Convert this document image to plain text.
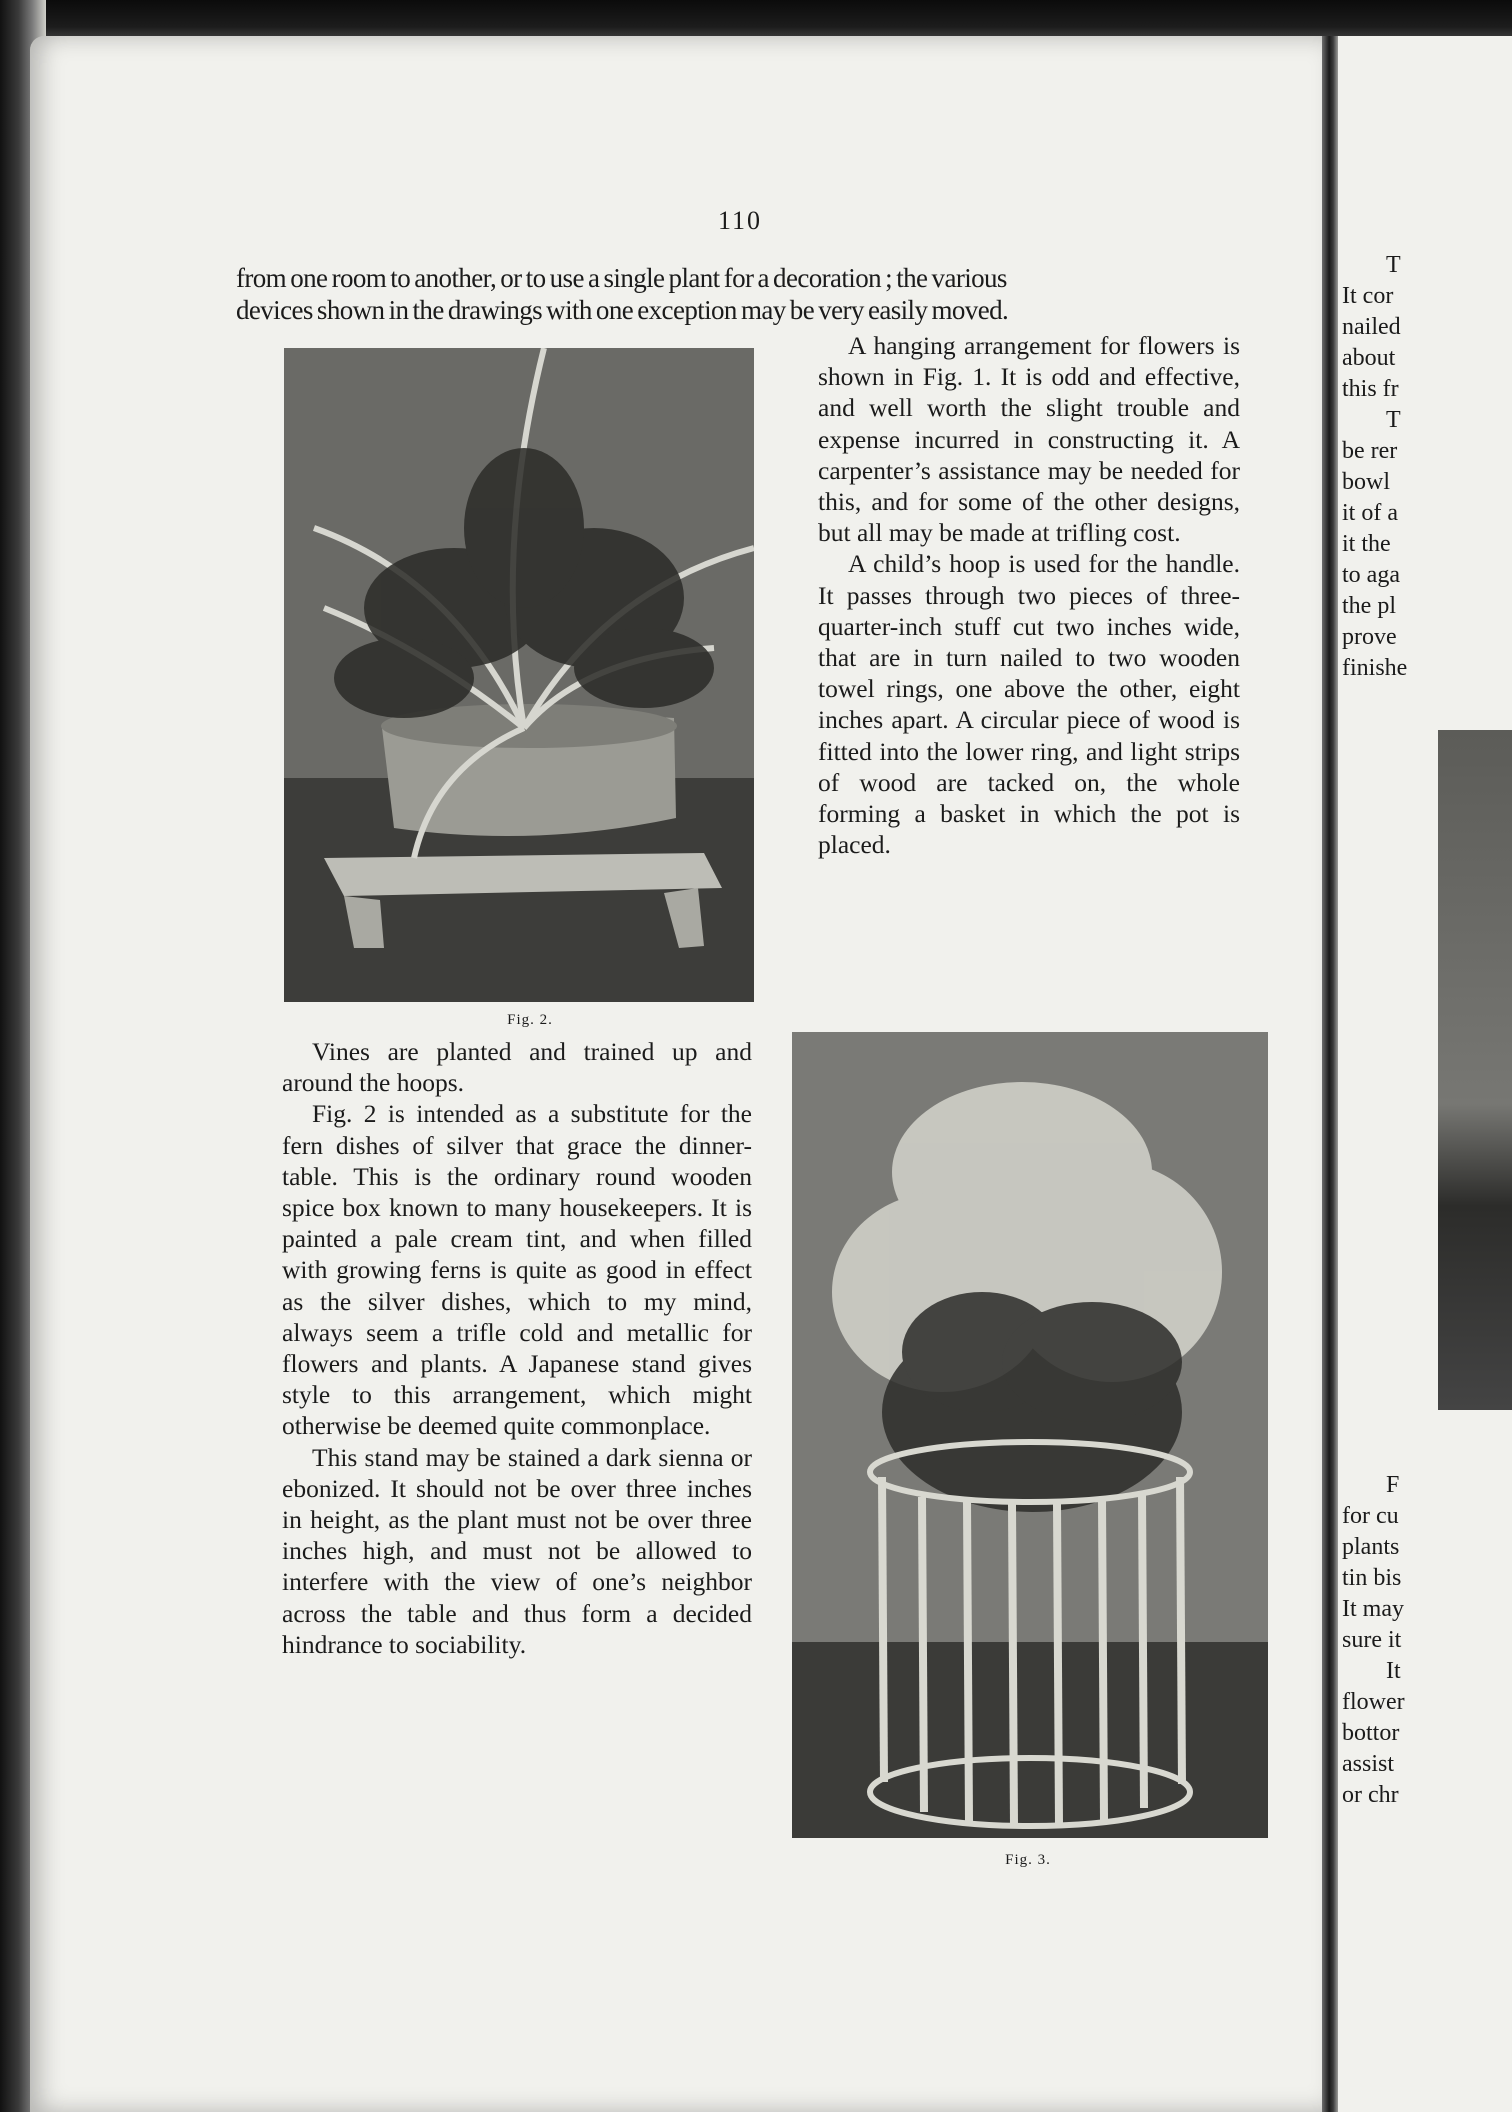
110
from one room to another, or to use a single plant for a decoration ; the various
devices shown in the drawings with one exception may be very easily moved.
Fig. 2.

A hanging arrangement for flowers is shown in Fig. 1. It is odd and effective, and well worth the slight trouble and expense incurred in constructing it. A carpenter’s assistance may be needed for this, and for some of the other designs, but all may be made at trifling cost.

A child’s hoop is used for the handle. It passes through two pieces of three-quarter-inch stuff cut two inches wide, that are in turn nailed to two wooden towel rings, one above the other, eight inches apart. A circular piece of wood is fitted into the lower ring, and light strips of wood are tacked on, the whole forming a basket in which the pot is placed.

Fig. 3.

Vines are planted and trained up and around the hoops.

Fig. 2 is intended as a substitute for the fern dishes of silver that grace the dinner-table. This is the ordinary round wooden spice box known to many housekeepers. It is painted a pale cream tint, and when filled with growing ferns is quite as good in effect as the silver dishes, which to my mind, always seem a trifle cold and metallic for flowers and plants. A Japanese stand gives style to this arrangement, which might otherwise be deemed quite commonplace.

This stand may be stained a dark sienna or ebonized. It should not be over three inches in height, as the plant must not be over three inches high, and must not be allowed to interfere with the view of one’s neighbor across the table and thus form a decided hindrance to sociability.

T
It cor
nailed
about
this fr
T
be rer
bowl
it of a
it the
to aga
the pl
prove
finishe
F
for cu
plants
tin bis
It may
sure it
It
flower
bottor
assist
or chr
